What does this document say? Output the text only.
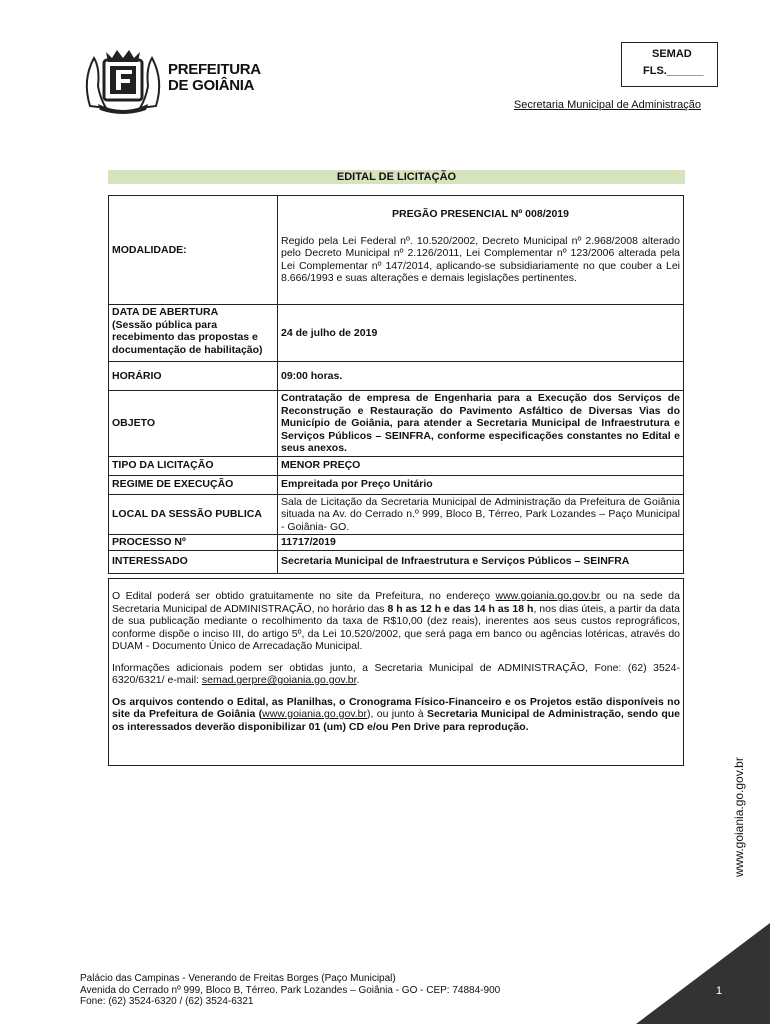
PREFEITURA
DE GOIÂNIA
SEMAD
FLS.______
Secretaria Municipal de Administração
EDITAL DE LICITAÇÃO
MODALIDADE:	PREGÃO PRESENCIAL Nº 008/2019
Regido pela Lei Federal nº. 10.520/2002, Decreto Municipal nº 2.968/2008 alterado pelo Decreto Municipal nº 2.126/2011, Lei Complementar nº 123/2006 alterada pela Lei Complementar nº 147/2014, aplicando-se subsidiariamente no que couber a Lei 8.666/1993 e suas alterações e demais legislações pertinentes.

DATA DE ABERTURA
(Sessão pública para recebimento das propostas e documentação de habilitação)	24 de julho de 2019
HORÁRIO	09:00 horas.
OBJETO	Contratação de empresa de Engenharia para a Execução dos Serviços de Reconstrução e Restauração do Pavimento Asfáltico de Diversas Vias do Município de Goiânia, para atender a Secretaria Municipal de Infraestrutura e Serviços Públicos – SEINFRA, conforme especificações constantes no Edital e seus anexos.
TIPO DA LICITAÇÃO	MENOR PREÇO
REGIME DE EXECUÇÃO	Empreitada por Preço Unitário
LOCAL DA SESSÃO PUBLICA	Sala de Licitação da Secretaria Municipal de Administração da Prefeitura de Goiânia situada na Av. do Cerrado n.º 999, Bloco B, Térreo, Park Lozandes – Paço Municipal - Goiânia- GO.
PROCESSO Nº	11717/2019
INTERESSADO	Secretaria Municipal de Infraestrutura e Serviços Públicos – SEINFRA

O Edital poderá ser obtido gratuitamente no site da Prefeitura, no endereço www.goiania.go.gov.br ou na sede da Secretaria Municipal de ADMINISTRAÇÃO, no horário das 8 h as 12 h e das 14 h as 18 h, nos dias úteis, a partir da data de sua publicação mediante o recolhimento da taxa de R$10,00 (dez reais), inerentes aos seus custos reprográficos, conforme dispõe o inciso III, do artigo 5º, da Lei 10.520/2002, que será paga em banco ou agências lotéricas, através do DUAM - Documento Único de Arrecadação Municipal.

Informações adicionais podem ser obtidas junto, a Secretaria Municipal de ADMINISTRAÇÃO, Fone: (62) 3524-6320/6321/ e-mail: semad.gerpre@goiania.go.gov.br.

Os arquivos contendo o Edital, as Planilhas, o Cronograma Físico-Financeiro e os Projetos estão disponíveis no site da Prefeitura de Goiânia (www.goiania.go.gov.br), ou junto à Secretaria Municipal de Administração, sendo que os interessados deverão disponibilizar 01 (um) CD e/ou Pen Drive para reprodução.

www.goiania.go.gov.br
Palácio das Campinas - Venerando de Freitas Borges (Paço Municipal)
Avenida do Cerrado nº 999, Bloco B, Térreo. Park Lozandes – Goiânia - GO - CEP: 74884-900
Fone: (62) 3524-6320 / (62) 3524-6321
1
